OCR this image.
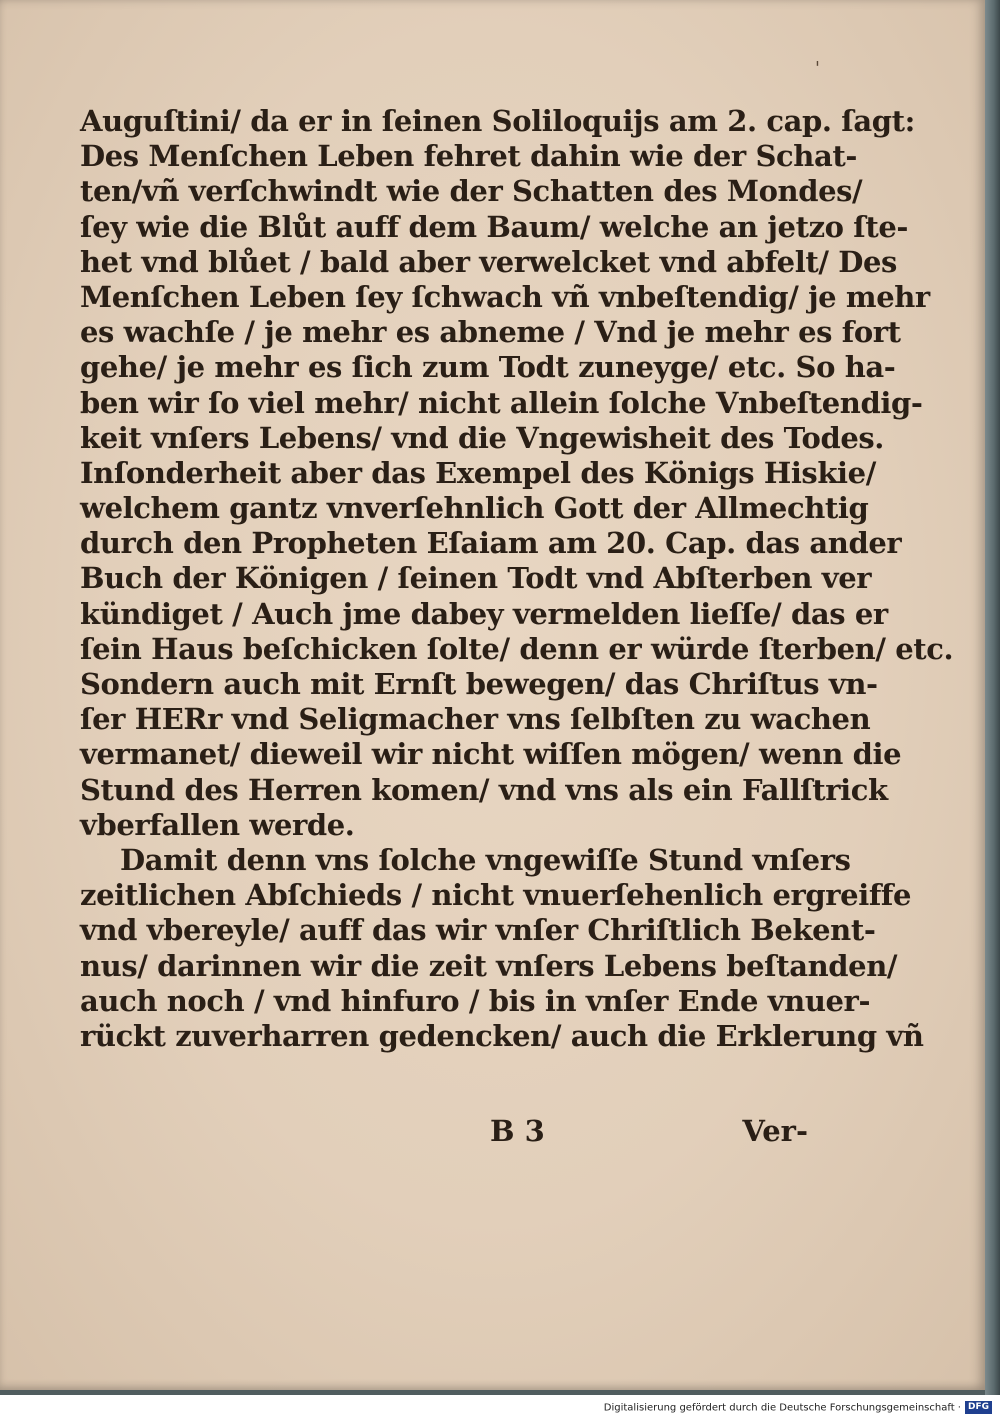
'
Auguſtini/ da er in ſeinen Soliloquijs am 2. cap. ſagt:
Des Menſchen Leben fehret dahin wie der Schat-
ten/vñ verſchwindt wie der Schatten des Mondes/
ſey wie die Blůt auff dem Baum/ welche an jetzo ſte-
het vnd blůet / bald aber verwelcket vnd abfelt/ Des
Menſchen Leben ſey ſchwach vñ vnbeſtendig/ je mehr
es wachſe / je mehr es abneme / Vnd je mehr es fort
gehe/ je mehr es ſich zum Todt zuneyge/ etc. So ha-
ben wir ſo viel mehr/ nicht allein ſolche Vnbeſtendig-
keit vnſers Lebens/ vnd die Vngewisheit des Todes.
Inſonderheit aber das Exempel des Königs Hiskie/
welchem gantz vnverſehnlich Gott der Allmechtig
durch den Propheten Eſaiam am 20. Cap. das ander
Buch der Königen / ſeinen Todt vnd Abſterben ver
kündiget / Auch jme dabey vermelden lieſſe/ das er
ſein Haus beſchicken ſolte/ denn er würde ſterben/ etc.
Sondern auch mit Ernſt bewegen/ das Chriſtus vn-
ſer HERr vnd Seligmacher vns ſelbſten zu wachen
vermanet/ dieweil wir nicht wiſſen mögen/ wenn die
Stund des Herren komen/ vnd vns als ein Fallſtrick
vberfallen werde.
Damit denn vns ſolche vngewiſſe Stund vnſers
zeitlichen Abſchieds / nicht vnuerſehenlich ergreiffe
vnd vbereyle/ auff das wir vnſer Chriſtlich Bekent-
nus/ darinnen wir die zeit vnſers Lebens beſtanden/
auch noch / vnd hinfuro / bis in vnſer Ende vnuer-
rückt zuverharren gedencken/ auch die Erklerung vñ
B 3	Ver-
Digitalisierung gefördert durch die Deutsche Forschungsgemeinschaft · DFG
